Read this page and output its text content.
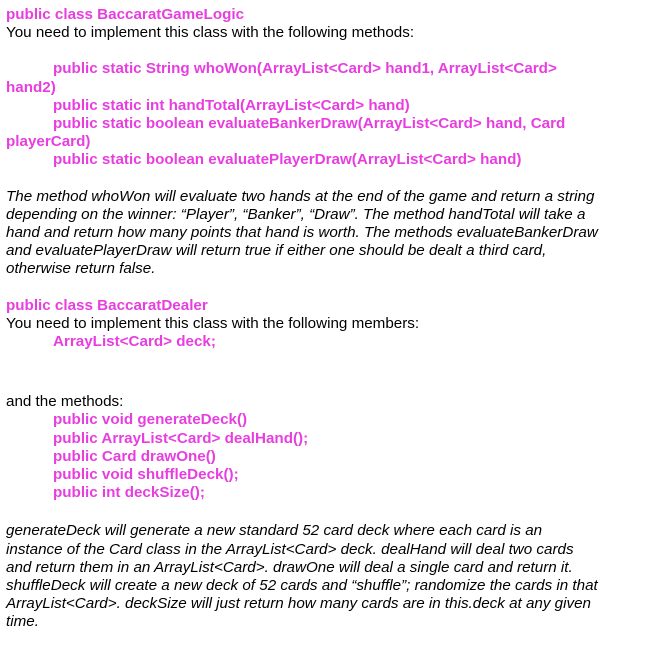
public class BaccaratGameLogic
You need to implement this class with the following methods:
public static String whoWon(ArrayList<Card> hand1, ArrayList<Card>
hand2)
public static int handTotal(ArrayList<Card> hand)
public static boolean evaluateBankerDraw(ArrayList<Card> hand, Card
playerCard)
public static boolean evaluatePlayerDraw(ArrayList<Card> hand)
The method whoWon will evaluate two hands at the end of the game and return a string
depending on the winner: “Player”, “Banker”, “Draw”. The method handTotal will take a
hand and return how many points that hand is worth. The methods evaluateBankerDraw
and evaluatePlayerDraw will return true if either one should be dealt a third card,
otherwise return false.
public class BaccaratDealer
You need to implement this class with the following members:
ArrayList<Card> deck;
and the methods:
public void generateDeck()
public ArrayList<Card> dealHand();
public Card drawOne()
public void shuffleDeck();
public int deckSize();
generateDeck will generate a new standard 52 card deck where each card is an
instance of the Card class in the ArrayList<Card> deck. dealHand will deal two cards
and return them in an ArrayList<Card>. drawOne will deal a single card and return it.
shuffleDeck will create a new deck of 52 cards and “shuffle”; randomize the cards in that
ArrayList<Card>. deckSize will just return how many cards are in this.deck at any given
time.
